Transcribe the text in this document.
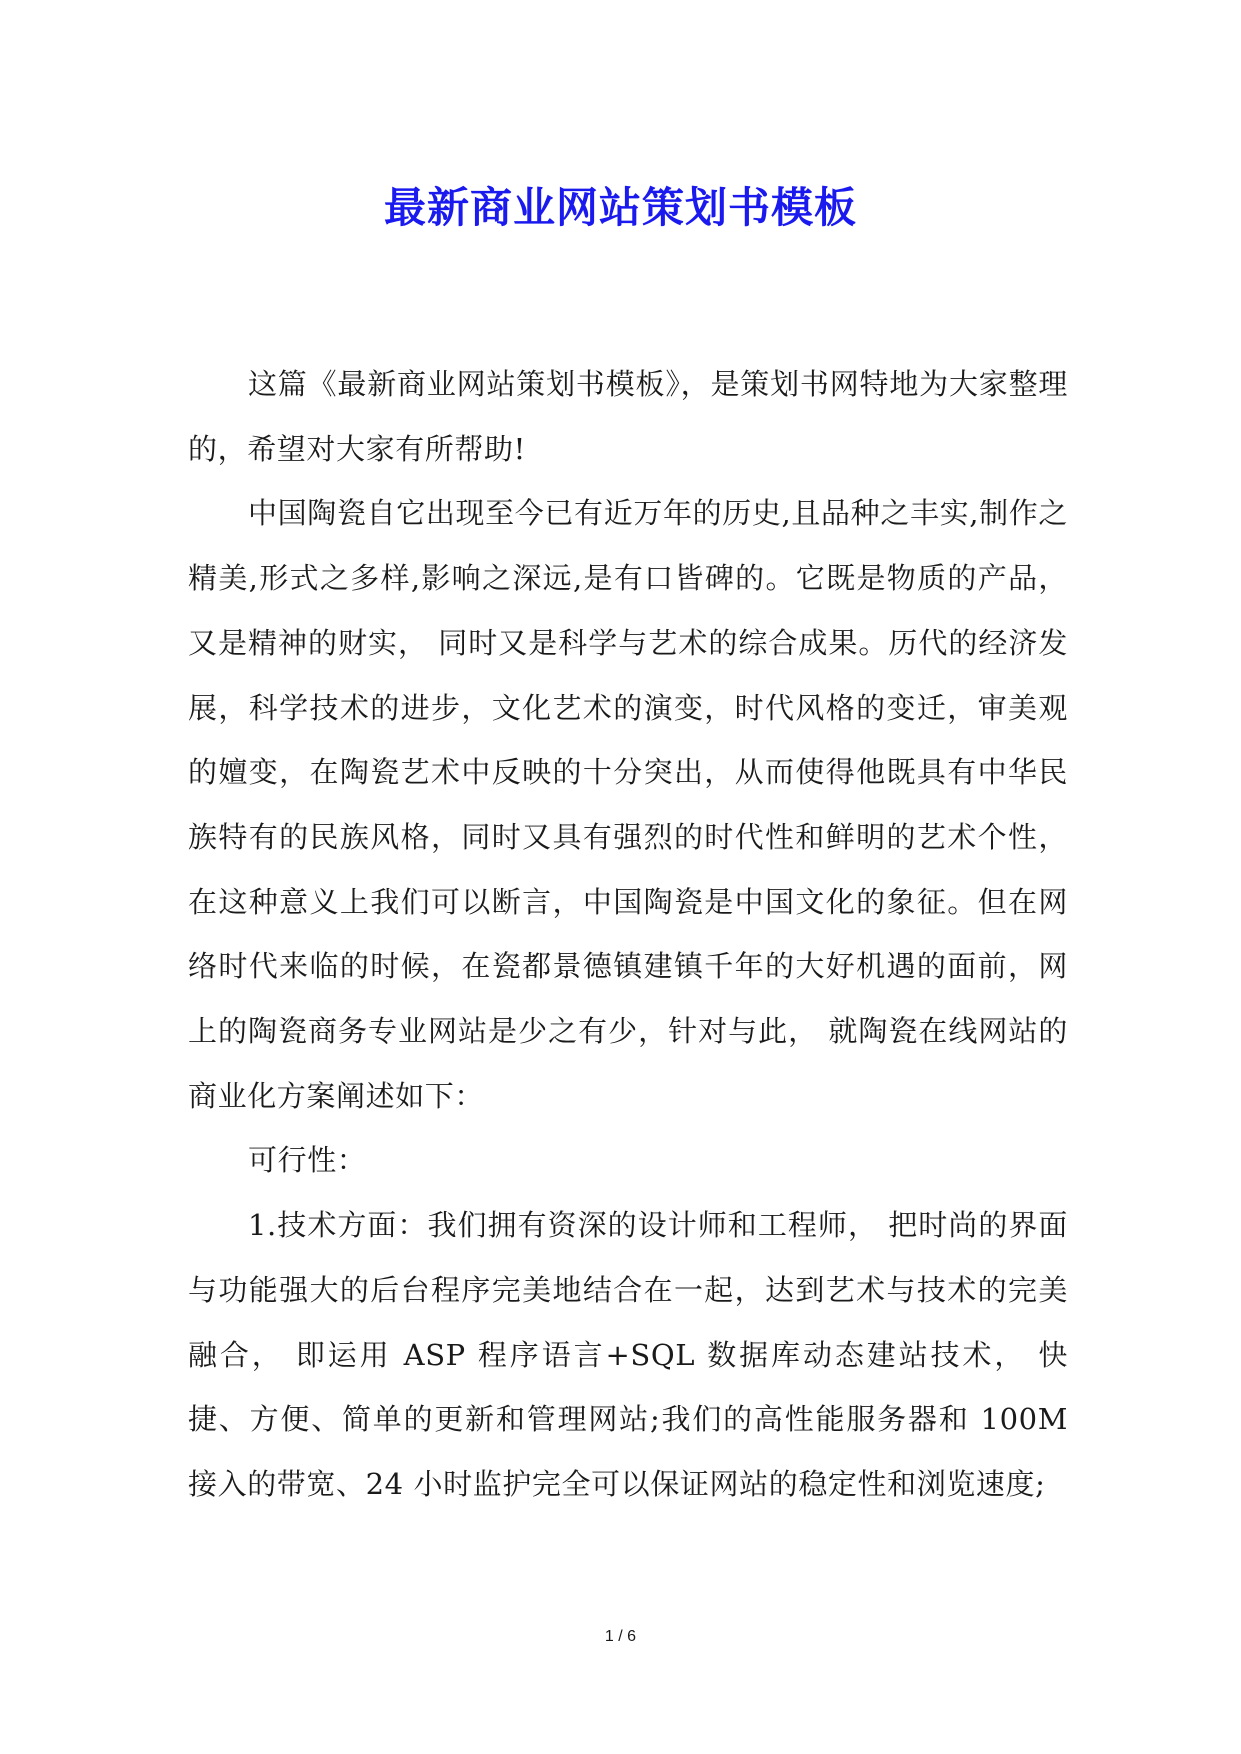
最新商业网站策划书模板

这篇《最新商业网站策划书模板》，是策划书网特地为大家整理的，希望对大家有所帮助!

中国陶瓷自它出现至今已有近万年的历史,且品种之丰实,制作之精美,形式之多样,影响之深远,是有口皆碑的。它既是物质的产品， 又是精神的财实， 同时又是科学与艺术的综合成果。历代的经济发展，科学技术的进步，文化艺术的演变，时代风格的变迁，审美观的嬗变，在陶瓷艺术中反映的十分突出，从而使得他既具有中华民族特有的民族风格，同时又具有强烈的时代性和鲜明的艺术个性，在这种意义上我们可以断言，中国陶瓷是中国文化的象征。但在网络时代来临的时候，在瓷都景德镇建镇千年的大好机遇的面前，网上的陶瓷商务专业网站是少之有少，针对与此， 就陶瓷在线网站的商业化方案阐述如下：

可行性：

1.技术方面：我们拥有资深的设计师和工程师， 把时尚的界面与功能强大的后台程序完美地结合在一起，达到艺术与技术的完美融合， 即运用 ASP 程序语言+SQL 数据库动态建站技术， 快捷、方便、简单的更新和管理网站;我们的高性能服务器和 100M 接入的带宽、24 小时监护完全可以保证网站的稳定性和浏览速度;

1 / 6
